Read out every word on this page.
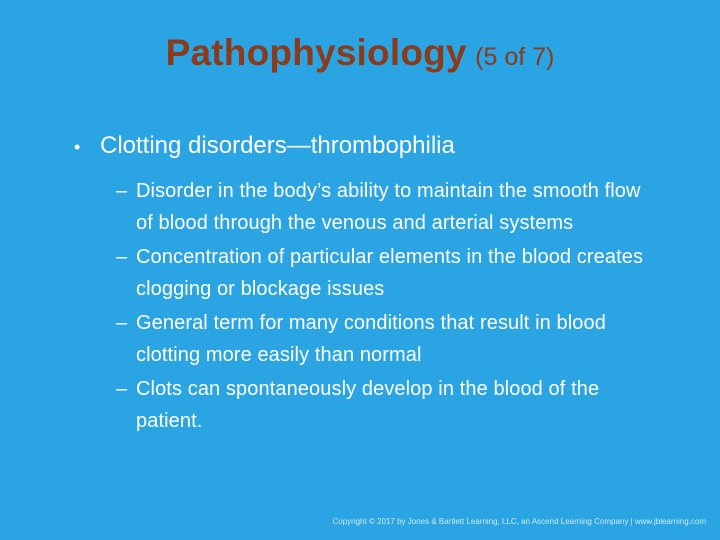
Pathophysiology (5 of 7)
• Clotting disorders—thrombophilia
– Disorder in the body’s ability to maintain the smooth flow of blood through the venous and arterial systems
– Concentration of particular elements in the blood creates clogging or blockage issues
– General term for many conditions that result in blood clotting more easily than normal
– Clots can spontaneously develop in the blood of the patient.
Copyright © 2017 by Jones & Bartlett Learning, LLC, an Ascend Learning Company | www.jblearning.com
